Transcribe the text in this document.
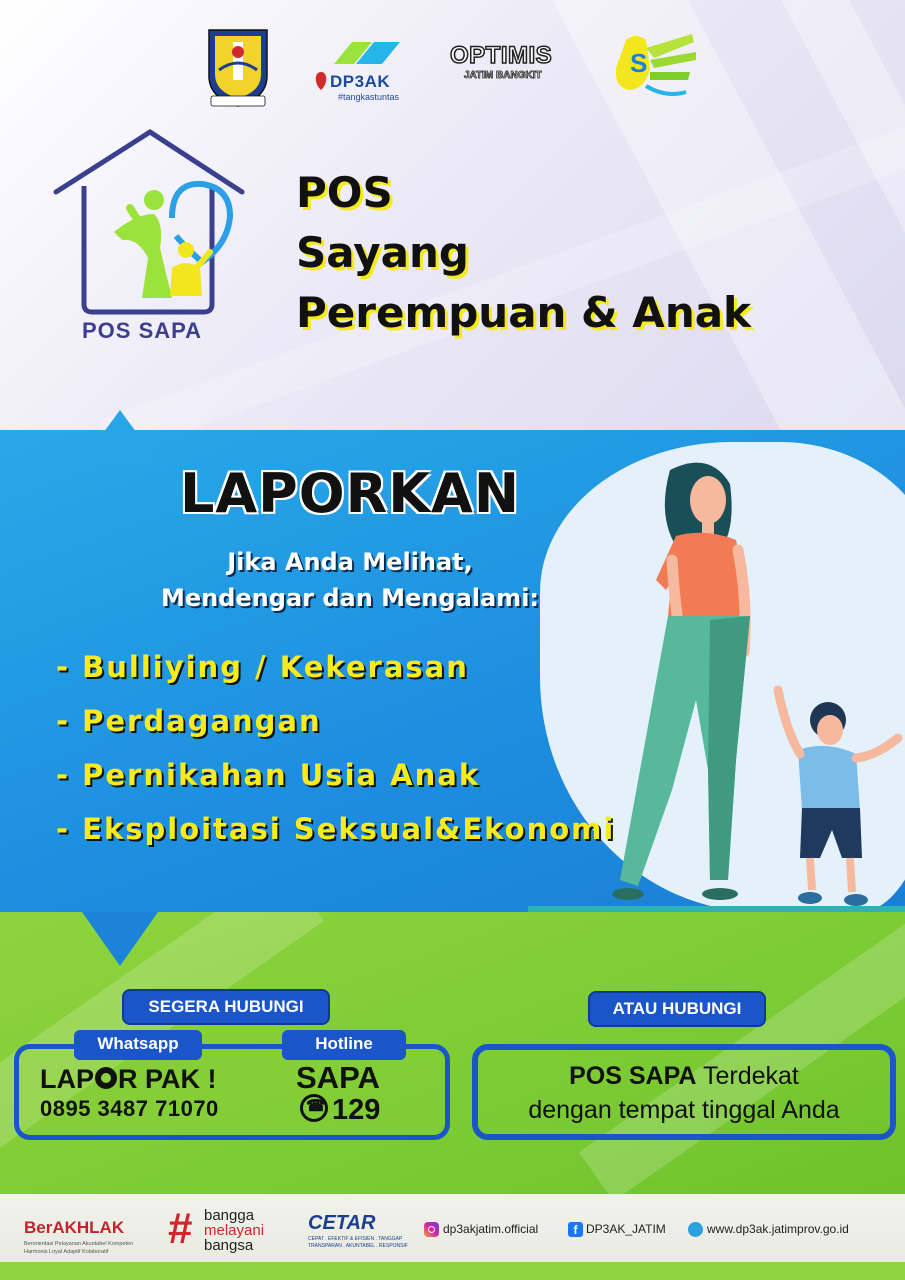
DP3AK
#tangkastuntas
OPTIMIS
JATIM BANGKIT	S
POS SAPA
POS
Sayang
Perempuan & Anak
LAPORKAN
Jika Anda Melihat,
Mendengar dan Mengalami:
- Bulliying / Kekerasan
- Perdagangan
- Pernikahan Usia Anak
- Eksploitasi Seksual&Ekonomi
SEGERA HUBUNGI	ATAU HUBUNGI
Whatsapp	Hotline
LAP R PAK !
0895 3487 71070
SAPA
☎129
POS SAPA Terdekat
dengan tempat tinggal Anda
BerAKHLAK
Berorientasi Pelayanan Akuntabel Kompeten Harmonis Loyal Adaptif Kolaboratif	# bangga
melayani
bangsa
CETAR
CEPAT . EFEKTIF & EFISIEN . TANGGAP TRANSPARAN . AKUNTABEL . RESPONSIF
dp3akjatim.official	f DP3AK_JATIM	www.dp3ak.jatimprov.go.id
